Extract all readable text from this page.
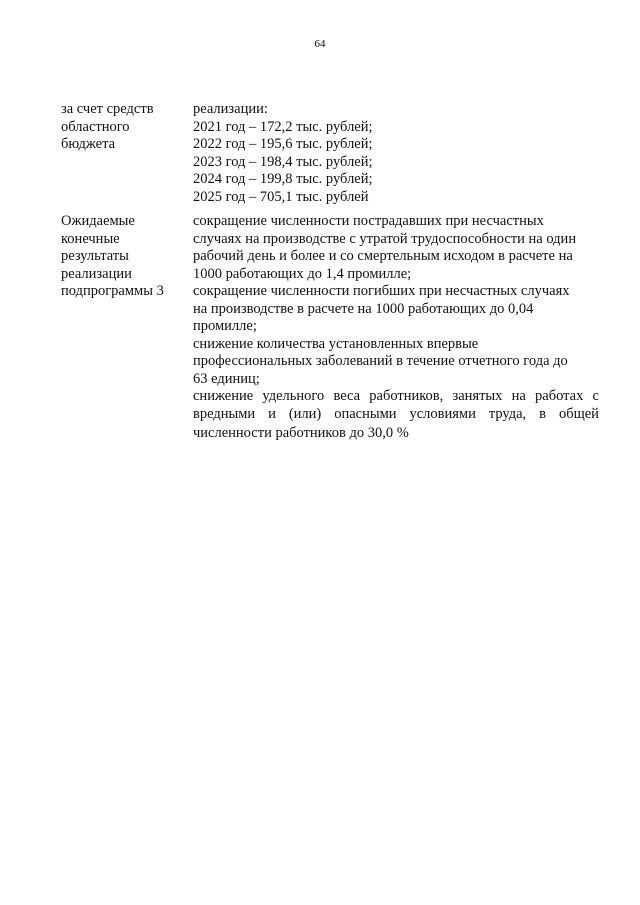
64
за счет средств
областного
бюджета
реализации:
2021 год – 172,2 тыс. рублей;
2022 год – 195,6 тыс. рублей;
2023 год – 198,4 тыс. рублей;
2024 год – 199,8 тыс. рублей;
2025 год – 705,1 тыс. рублей
Ожидаемые
конечные
результаты
реализации
подпрограммы 3
сокращение численности пострадавших при несчастных
случаях на производстве с утратой трудоспособности на один
рабочий день и более и со смертельным исходом в расчете на
1000 работающих до 1,4 промилле;
сокращение численности погибших при несчастных случаях
на производстве в расчете на 1000 работающих до 0,04
промилле;
снижение количества установленных впервые
профессиональных заболеваний в течение отчетного года до
63 единиц;
снижение удельного веса работников, занятых на работах с
вредными и (или) опасными условиями труда, в общей
численности работников до 30,0 %
